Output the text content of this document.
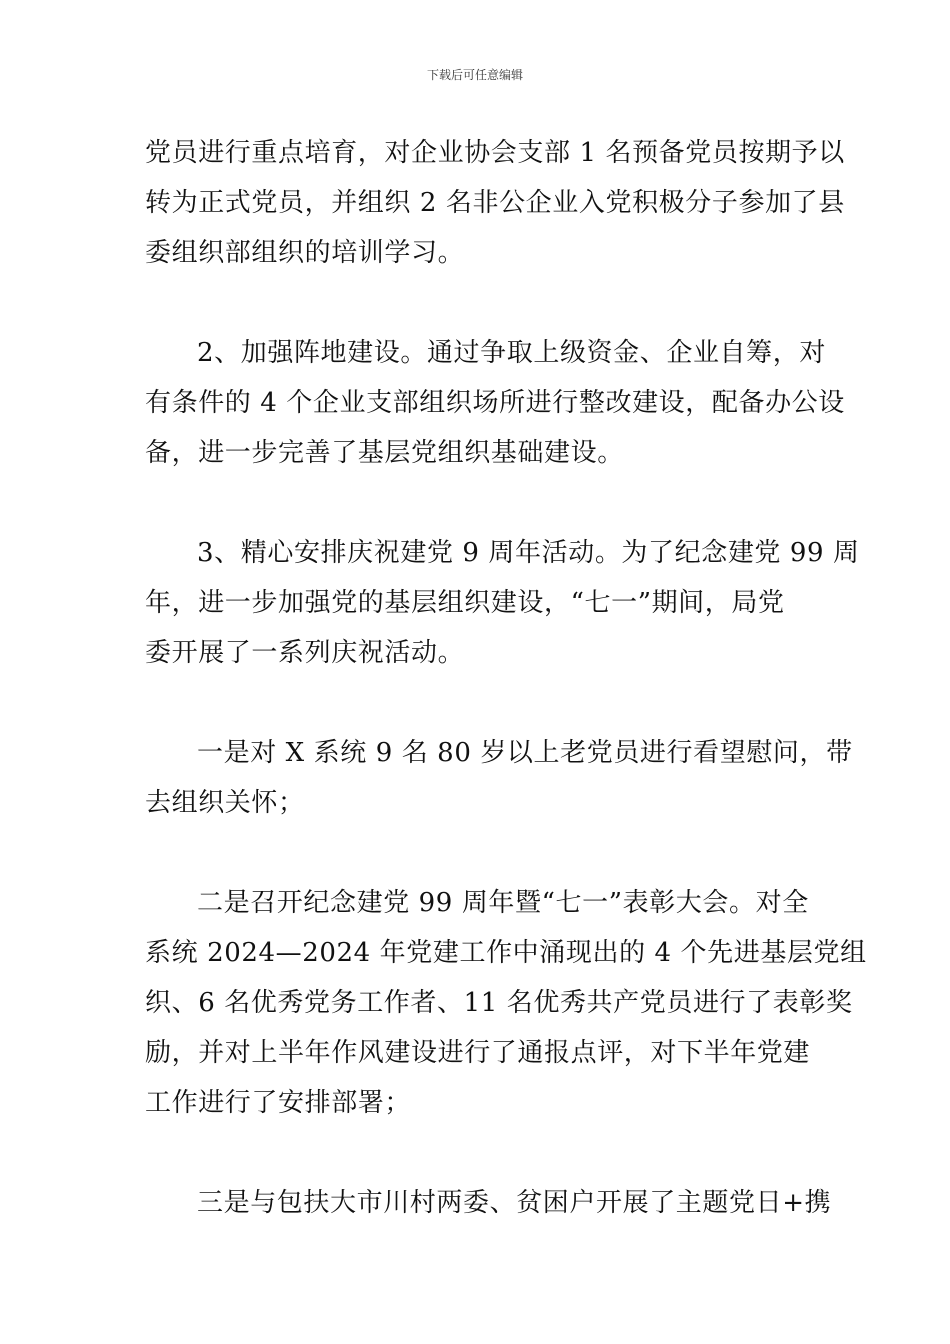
下载后可任意编辑
党员进行重点培育，对企业协会支部 1 名预备党员按期予以
转为正式党员，并组织 2 名非公企业入党积极分子参加了县
委组织部组织的培训学习。
2、加强阵地建设。通过争取上级资金、企业自筹，对
有条件的 4 个企业支部组织场所进行整改建设，配备办公设
备，进一步完善了基层党组织基础建设。
3、精心安排庆祝建党 9 周年活动。为了纪念建党 99 周
年，进一步加强党的基层组织建设，“七一”期间，局党
委开展了一系列庆祝活动。
一是对 X 系统 9 名 80 岁以上老党员进行看望慰问，带
去组织关怀；
二是召开纪念建党 99 周年暨“七一”表彰大会。对全
系统 2024—2024 年党建工作中涌现出的 4 个先进基层党组
织、6 名优秀党务工作者、11 名优秀共产党员进行了表彰奖
励，并对上半年作风建设进行了通报点评，对下半年党建
工作进行了安排部署；
三是与包扶大市川村两委、贫困户开展了主题党日+携
